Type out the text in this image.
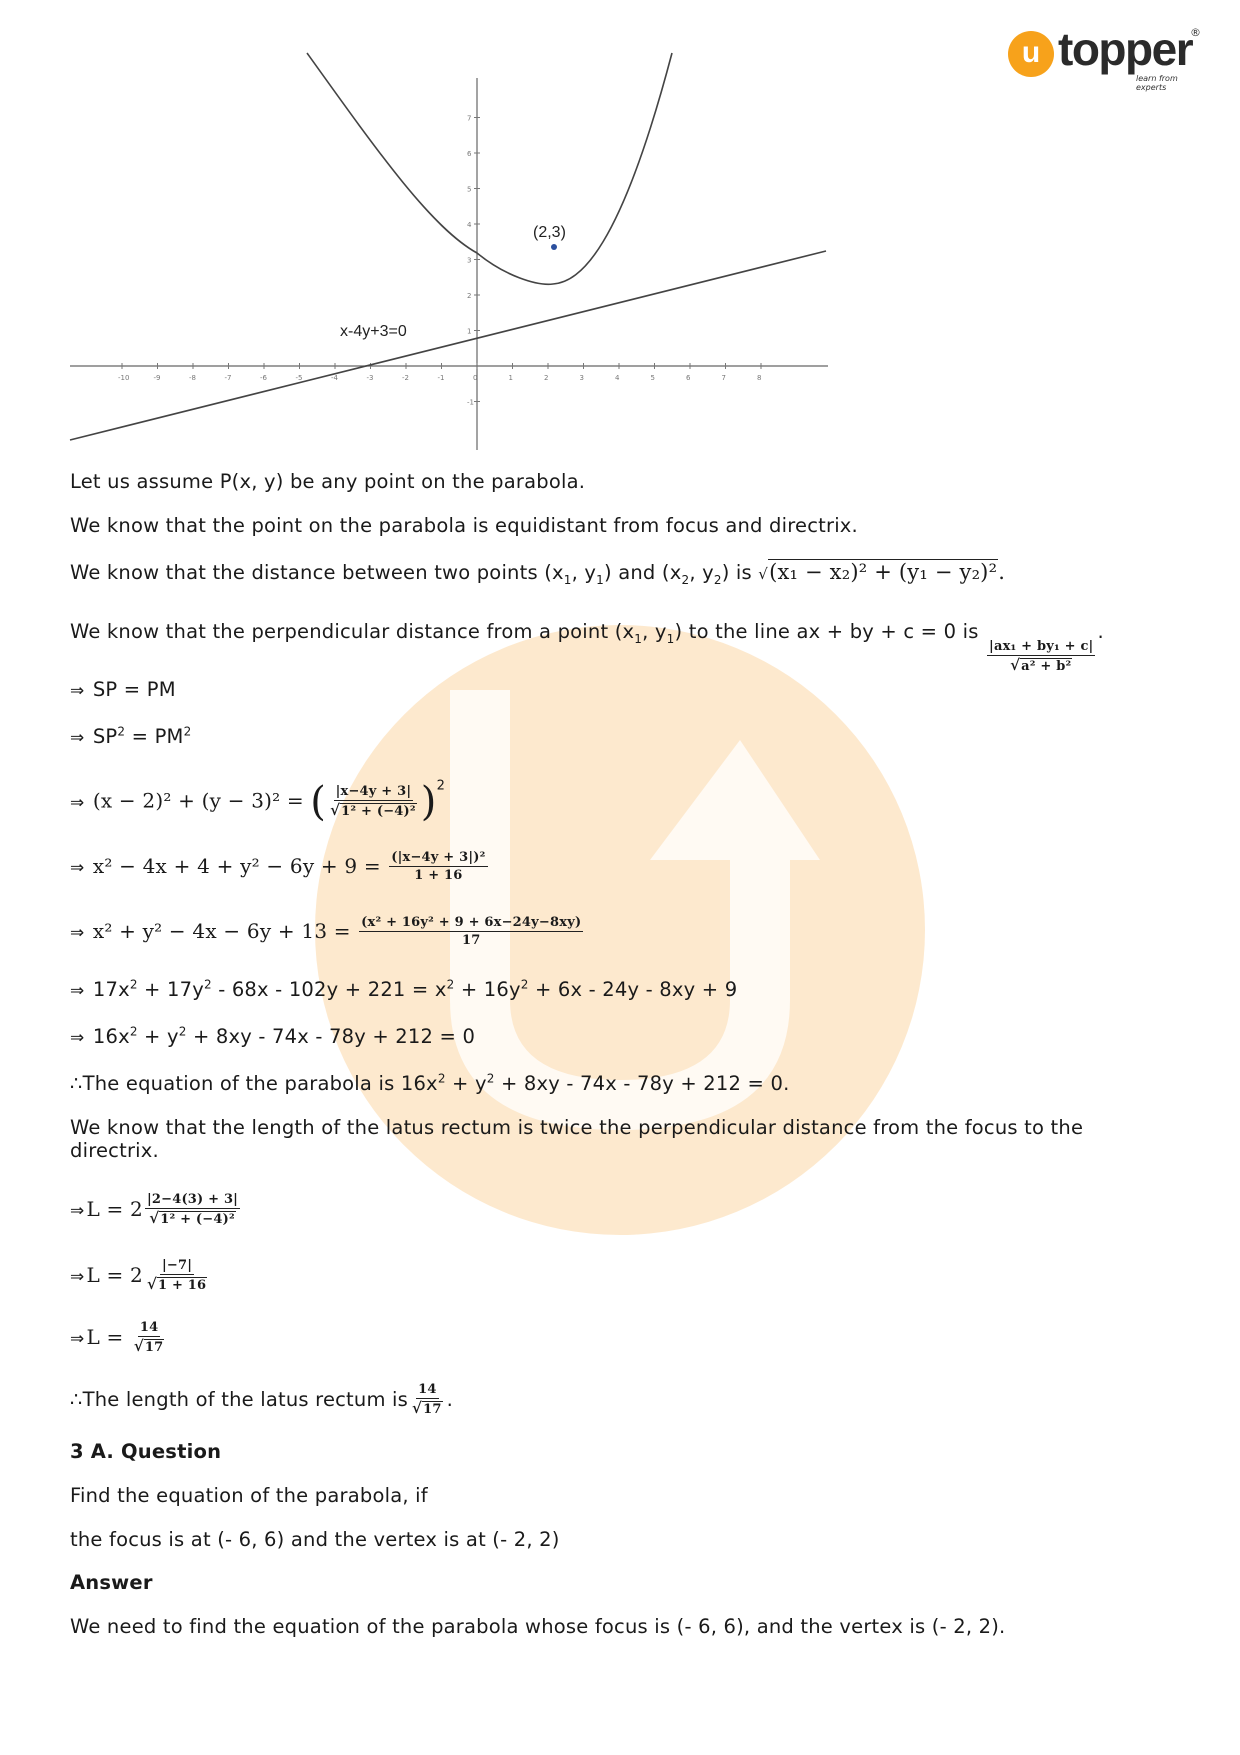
u topper
®
learn from experts
-10	-9	-8	-7	-6	-5	-4	-3	-2	-1	0	1	2	3	4	5	6	7	8
7
6
5
4
3
2
1
-1
(2,3)
x-4y+3=0
Let us assume P(x, y) be any point on the parabola.
We know that the point on the parabola is equidistant from focus and directrix.
We know that the distance between two points ($x_1$, $y_1$) and ($x_2$, $y_2$) is √(x₁ − x₂)² + (y₁ − y₂)².
We know that the perpendicular distance from a point ($x_1$, $y_1$) to the line ax + by + c = 0 is
$\frac{\text{|ax₁ + by₁ + c|}}{\text{√a² + b²}}$
.
⇒ SP = PM
⇒ $SP^2 = PM^2$
⇒ (x − 2)² + (y − 3)² = ( $\frac{|x-4y + 3|}{\text{√1² + (−4)²}} )^2$
⇒ $x^2 - 4x + 4 + y^2 - 6y + 9 = \frac{\text{(|x−4y + 3|)²}}{1 + 16}$
⇒ $x^2 + y^2 - 4x - 6y + 13 = \frac{\text{(x² + 16y² + 9 + 6x−24y−8xy)}}{17}$
⇒ $17x^2 + 17y^2 - 68x - 102y + 221 = x^2 + 16y^2 + 6x - 24y - 8xy + 9$
⇒ $16x^2 + y^2 + 8xy - 74x - 78y + 212 = 0$
∴The equation of the parabola is $16x^2 + y^2 + 8xy - 74x - 78y + 212 = 0$.
We know that the length of the latus rectum is twice the perpendicular distance from the focus to the
directrix.
⇒ $L = 2 \frac{|2-4(3) + 3|}{\text{√1² + (−4)²}}$
⇒ $L = 2 \frac{|-7|}{√1 + 16}$
⇒ $L = \frac{14}{√17}$
∴The length of the latus rectum is $\frac{14}{√17}$ .
3 A. Question
Find the equation of the parabola, if
the focus is at (- 6, 6) and the vertex is at (- 2, 2)
Answer
We need to find the equation of the parabola whose focus is (- 6, 6), and the vertex is (- 2, 2).
